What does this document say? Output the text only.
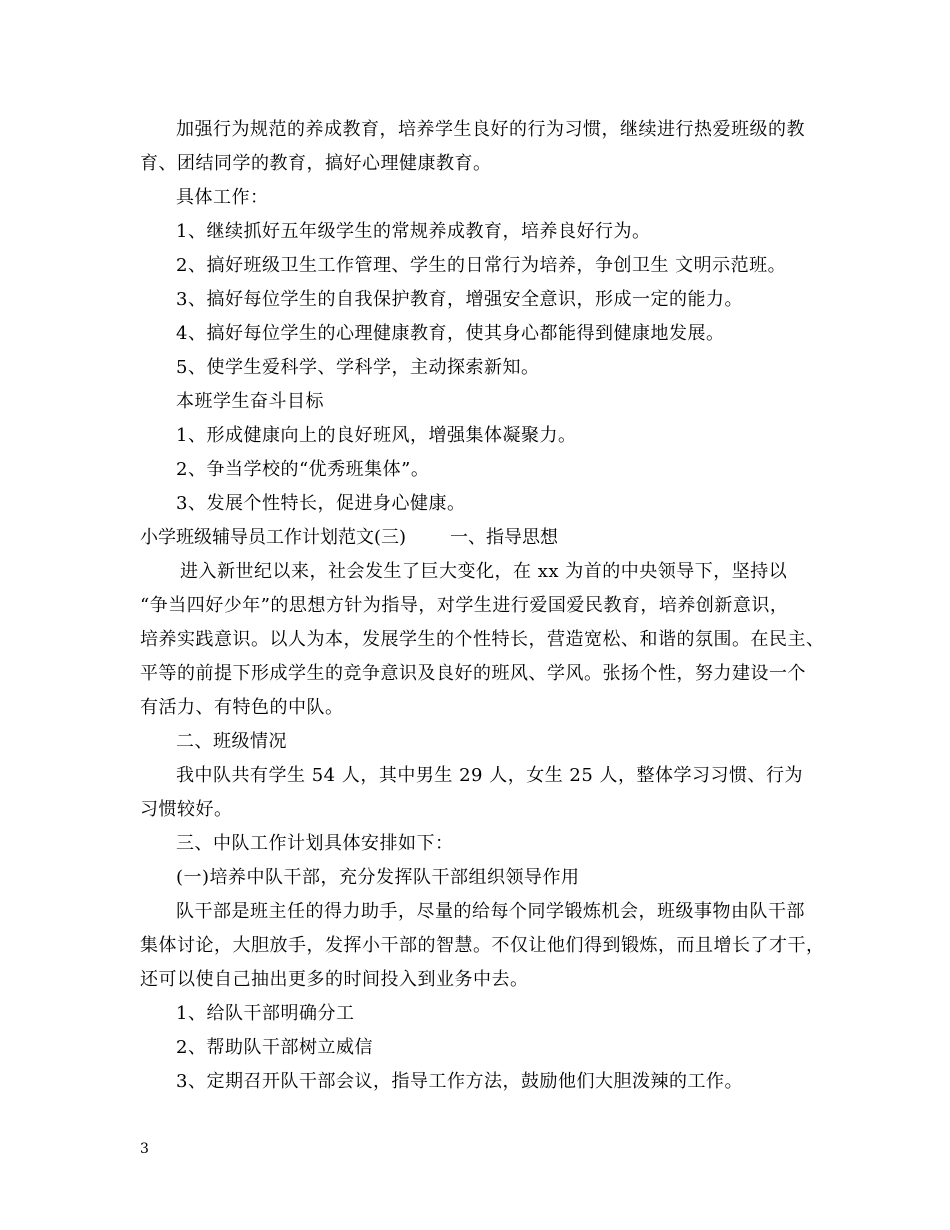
加强行为规范的养成教育，培养学生良好的行为习惯，继续进行热爱班级的教
育、团结同学的教育，搞好心理健康教育。
具体工作：
1、继续抓好五年级学生的常规养成教育，培养良好行为。
2、搞好班级卫生工作管理、学生的日常行为培养，争创卫生 文明示范班。
3、搞好每位学生的自我保护教育，增强安全意识，形成一定的能力。
4、搞好每位学生的心理健康教育，使其身心都能得到健康地发展。
5、使学生爱科学、学科学，主动探索新知。
本班学生奋斗目标
1、形成健康向上的良好班风，增强集体凝聚力。
2、争当学校的“优秀班集体”。
3、发展个性特长，促进身心健康。
小学班级辅导员工作计划范文(三) 一、指导思想
进入新世纪以来，社会发生了巨大变化，在 xx 为首的中央领导下，坚持以
“争当四好少年”的思想方针为指导，对学生进行爱国爱民教育，培养创新意识，
培养实践意识。以人为本，发展学生的个性特长，营造宽松、和谐的氛围。在民主、
平等的前提下形成学生的竞争意识及良好的班风、学风。张扬个性，努力建设一个
有活力、有特色的中队。
二、班级情况
我中队共有学生 54 人，其中男生 29 人，女生 25 人，整体学习习惯、行为
习惯较好。
三、中队工作计划具体安排如下：
(一)培养中队干部，充分发挥队干部组织领导作用
队干部是班主任的得力助手，尽量的给每个同学锻炼机会，班级事物由队干部
集体讨论，大胆放手，发挥小干部的智慧。不仅让他们得到锻炼，而且增长了才干，
还可以使自己抽出更多的时间投入到业务中去。
1、给队干部明确分工
2、帮助队干部树立威信
3、定期召开队干部会议，指导工作方法，鼓励他们大胆泼辣的工作。
3
